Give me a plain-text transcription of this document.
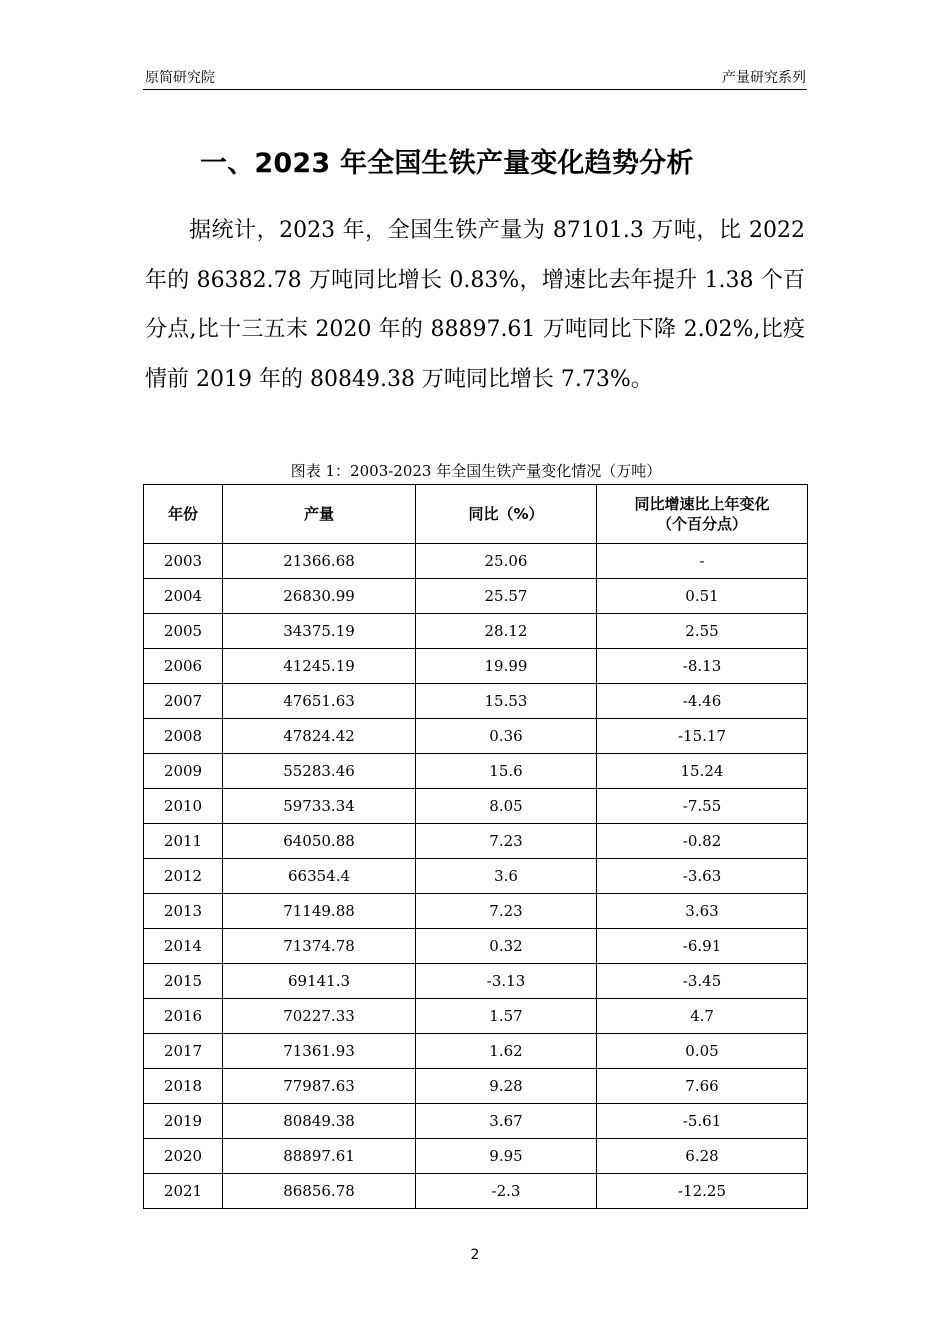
原简研究院	产量研究系列
一、2023 年全国生铁产量变化趋势分析

据统计，2023 年，全国生铁产量为 87101.3 万吨，比 2022 年的 86382.78 万吨同比增长 0.83%，增速比去年提升 1.38 个百分点,比十三五末 2020 年的 88897.61 万吨同比下降 2.02%,比疫情前 2019 年的 80849.38 万吨同比增长 7.73%。

图表 1：2003-2023 年全国生铁产量变化情况（万吨）
年份	产量	同比（%）	同比增速比上年变化
（个百分点）
2003	21366.68	25.06	-
2004	26830.99	25.57	0.51
2005	34375.19	28.12	2.55
2006	41245.19	19.99	-8.13
2007	47651.63	15.53	-4.46
2008	47824.42	0.36	-15.17
2009	55283.46	15.6	15.24
2010	59733.34	8.05	-7.55
2011	64050.88	7.23	-0.82
2012	66354.4	3.6	-3.63
2013	71149.88	7.23	3.63
2014	71374.78	0.32	-6.91
2015	69141.3	-3.13	-3.45
2016	70227.33	1.57	4.7
2017	71361.93	1.62	0.05
2018	77987.63	9.28	7.66
2019	80849.38	3.67	-5.61
2020	88897.61	9.95	6.28
2021	86856.78	-2.3	-12.25
2
